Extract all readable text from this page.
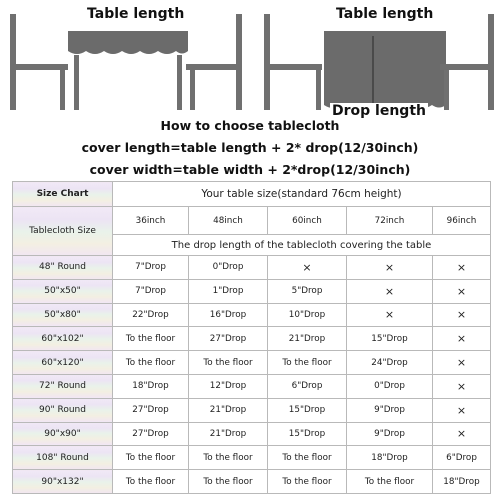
Table length	Table length
Drop length
How to choose tablecloth
cover length=table length + 2* drop(12/30inch)
cover width=table width + 2*drop(12/30inch)
Size Chart	Your table size(standard 76cm height)				
Tablecloth Size	36inch	48inch	60inch	72inch	96inch
	The drop length of the tablecloth covering the table				
48" Round	7"Drop	0"Drop	×	×	×
50"x50"	7"Drop	1"Drop	5"Drop	×	×
50"x80"	22"Drop	16"Drop	10"Drop	×	×
60"x102"	To the floor	27"Drop	21"Drop	15"Drop	×
60"x120"	To the floor	To the floor	To the floor	24"Drop	×
72" Round	18"Drop	12"Drop	6"Drop	0"Drop	×
90" Round	27"Drop	21"Drop	15"Drop	9"Drop	×
90"x90"	27"Drop	21"Drop	15"Drop	9"Drop	×
108" Round	To the floor	To the floor	To the floor	18"Drop	6"Drop
90"x132"	To the floor	To the floor	To the floor	To the floor	18"Drop
